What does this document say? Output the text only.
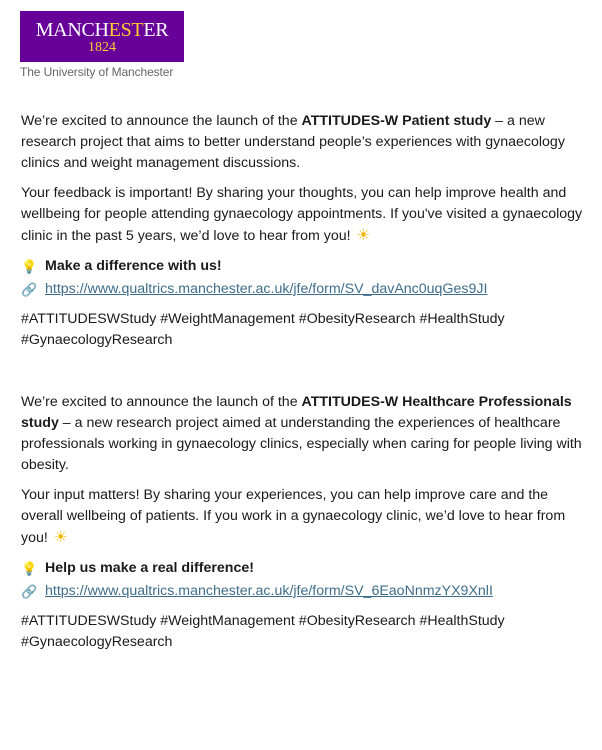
MANCHESTER
1824
The University of Manchester

We’re excited to announce the launch of the ATTITUDES-W Patient study – a new research project that aims to better understand people’s experiences with gynaecology clinics and weight management discussions.

Your feedback is important! By sharing your thoughts, you can help improve health and wellbeing for people attending gynaecology appointments. If you've visited a gynaecology clinic in the past 5 years, we’d love to hear from you! ☀

💡 Make a difference with us!

🔗 https://www.qualtrics.manchester.ac.uk/jfe/form/SV_davAnc0uqGes9JI

#ATTITUDESWStudy #WeightManagement #ObesityResearch #HealthStudy #GynaecologyResearch

We’re excited to announce the launch of the ATTITUDES-W Healthcare Professionals study – a new research project aimed at understanding the experiences of healthcare professionals working in gynaecology clinics, especially when caring for people living with obesity.

Your input matters! By sharing your experiences, you can help improve care and the overall wellbeing of patients. If you work in a gynaecology clinic, we’d love to hear from you! ☀

💡 Help us make a real difference!

🔗 https://www.qualtrics.manchester.ac.uk/jfe/form/SV_6EaoNnmzYX9XnlI

#ATTITUDESWStudy #WeightManagement #ObesityResearch #HealthStudy #GynaecologyResearch
